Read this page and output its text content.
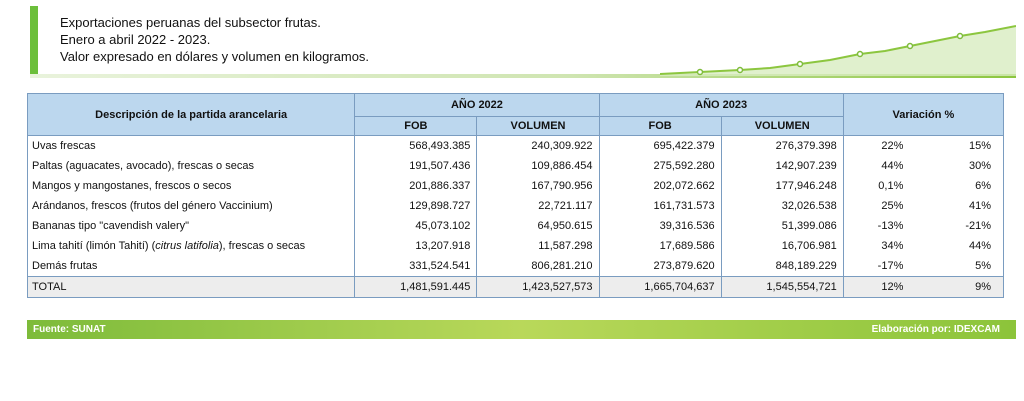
Exportaciones peruanas del subsector frutas.
Enero a abril 2022 - 2023.
Valor expresado en dólares y volumen en kilogramos.
Descripción de la partida arancelaria	AÑO 2022		AÑO 2023		Variación %	
	FOB	VOLUMEN	FOB	VOLUMEN		
Uvas frescas	568,493.385	240,309.922	695,422.379	276,379.398	22%	15%
Paltas (aguacates, avocado), frescas o secas	191,507.436	109,886.454	275,592.280	142,907.239	44%	30%
Mangos y mangostanes, frescos o secos	201,886.337	167,790.956	202,072.662	177,946.248	0,1%	6%
Arándanos, frescos (frutos del género Vaccinium)	129,898.727	22,721.117	161,731.573	32,026.538	25%	41%
Bananas tipo "cavendish valery"	45,073.102	64,950.615	39,316.536	51,399.086	-13%	-21%
Lima tahití (limón Tahití) (citrus latifolia), frescas o secas	13,207.918	11,587.298	17,689.586	16,706.981	34%	44%
Demás frutas	331,524.541	806,281.210	273,879.620	848,189.229	-17%	5%
TOTAL	1,481,591.445	1,423,527,573	1,665,704,637	1,545,554,721	12%	9%
Fuente: SUNAT	Elaboración por: IDEXCAM
